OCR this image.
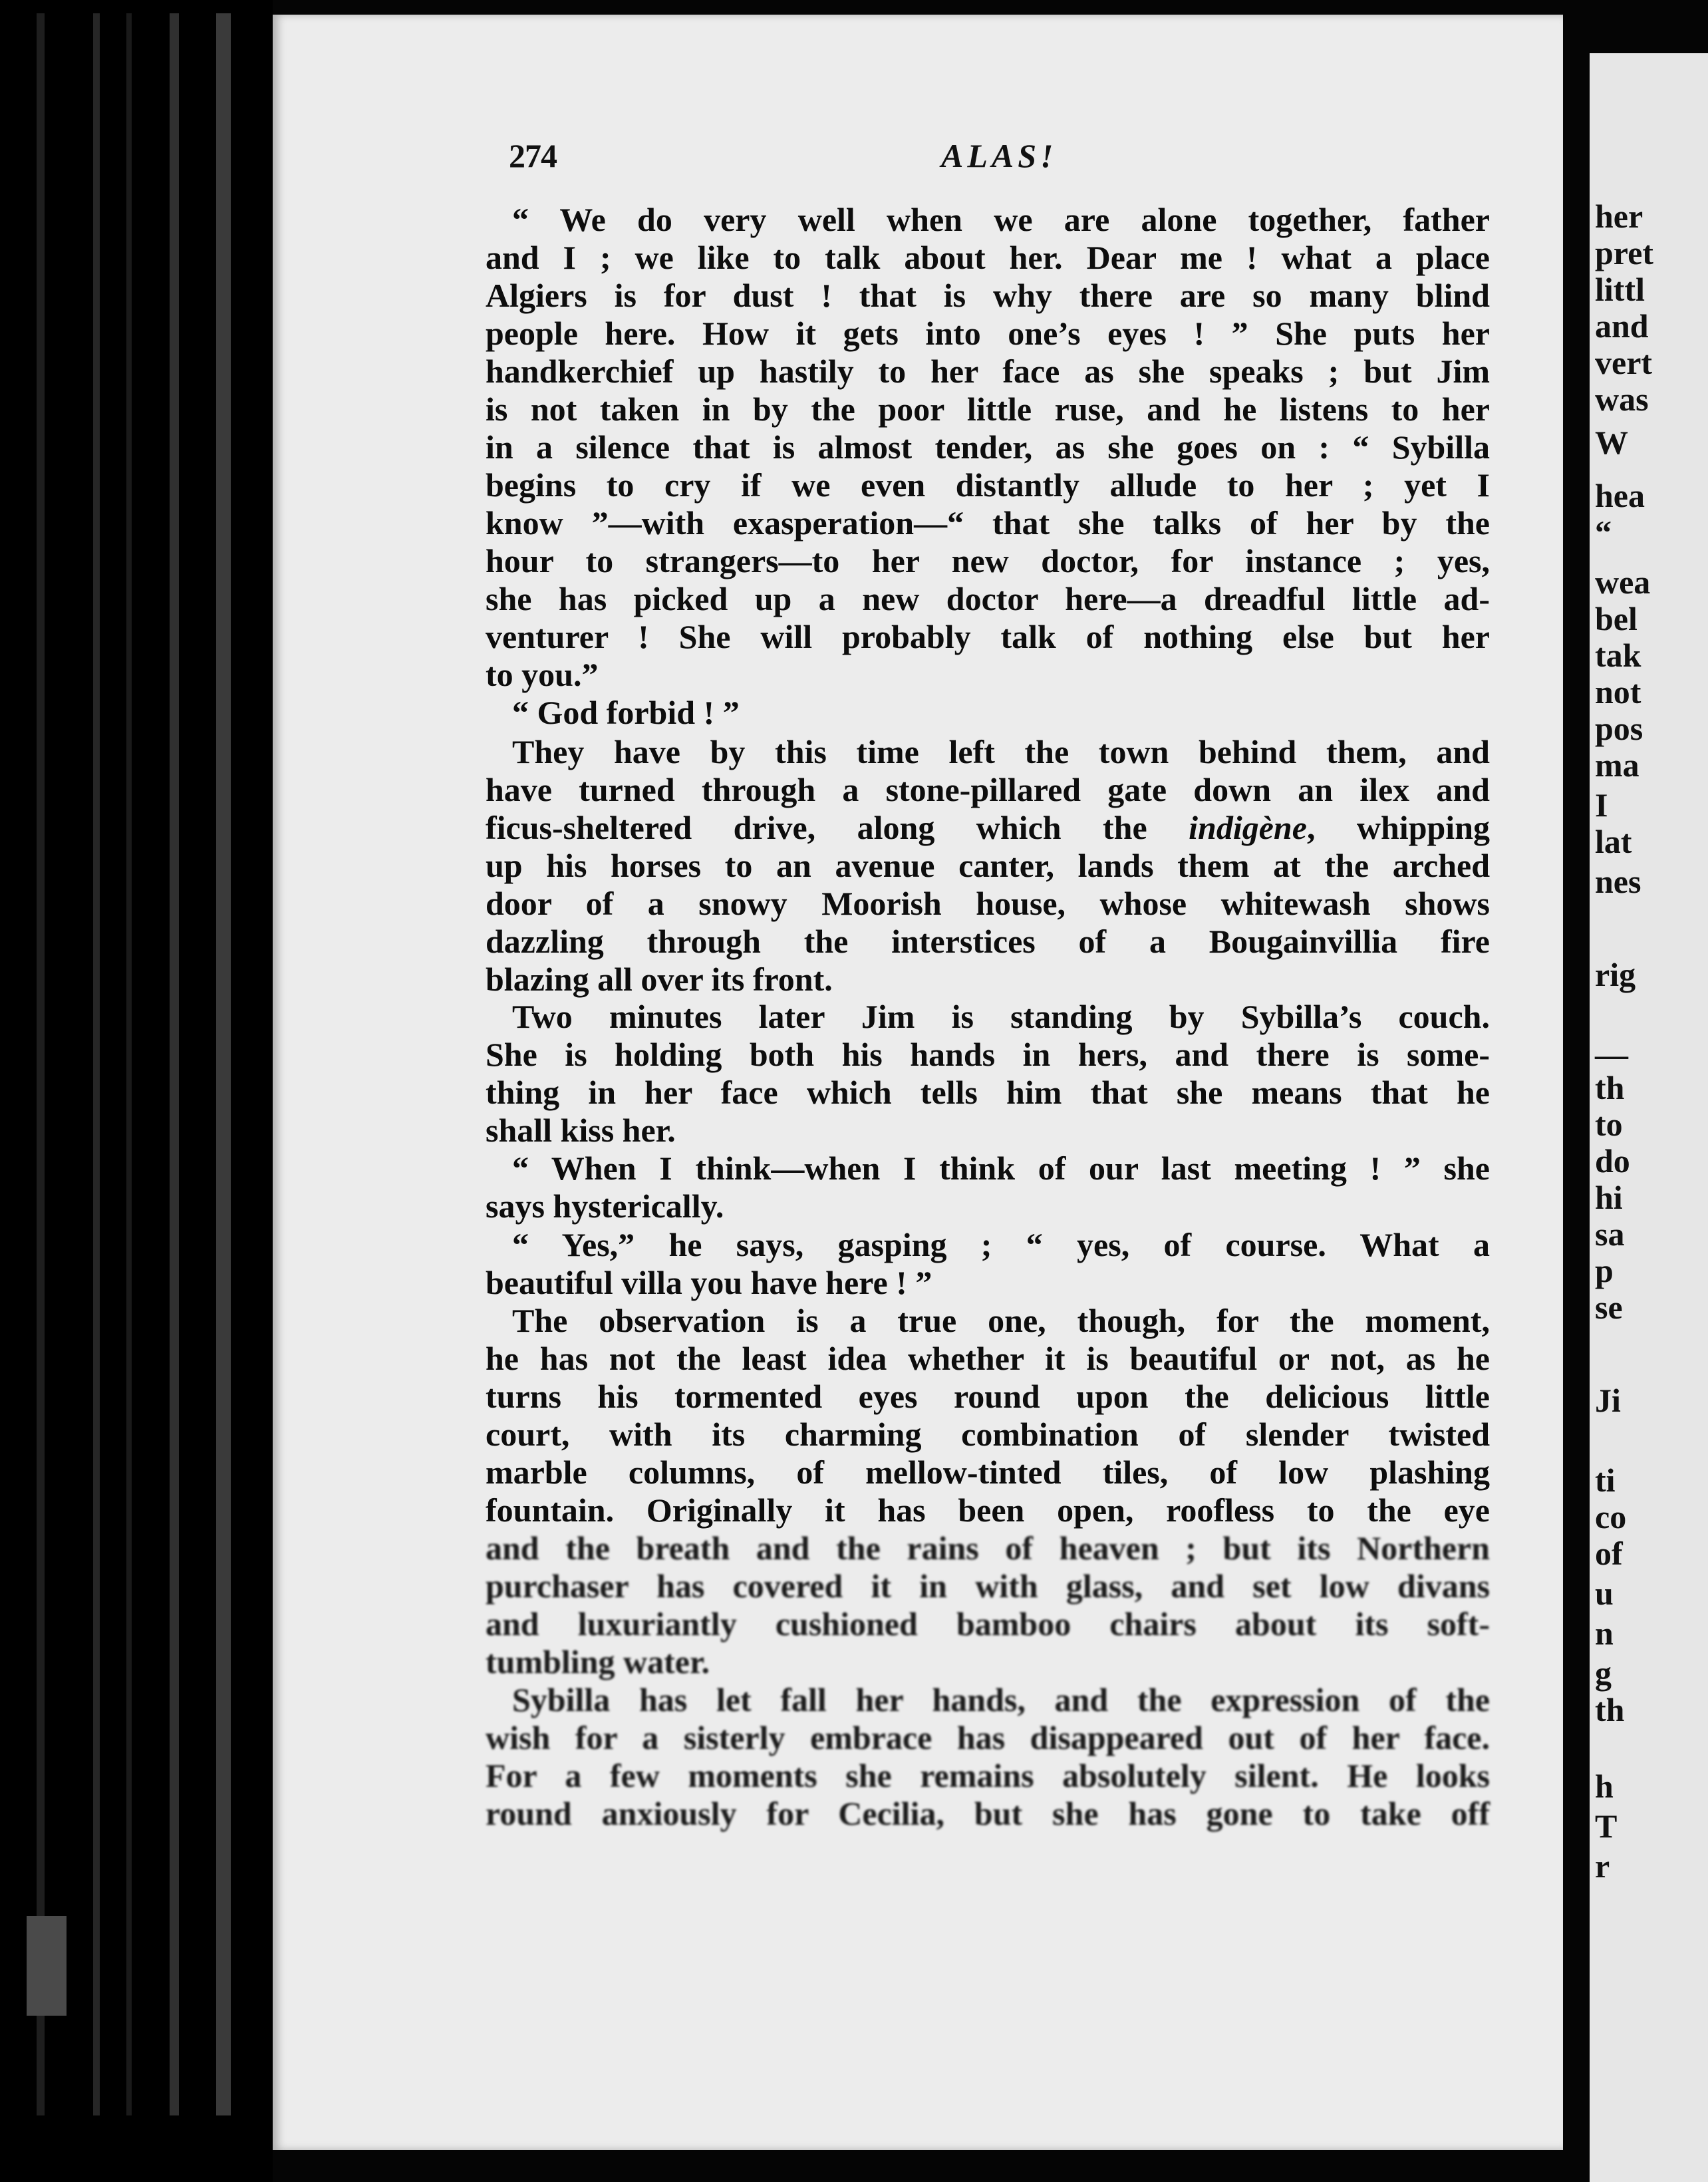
her
pret
littl
and
vert
was
W
hea
“
wea
bel
tak
not
pos
ma
I
lat
nes
rig
—
th
to
do
hi
sa
p
se
Ji
ti
co
of
u
n
g
th
h
T
r
274	ALAS!
“ We do very well when we are alone together, father
and I ; we like to talk about her. Dear me ! what a place
Algiers is for dust ! that is why there are so many blind
people here. How it gets into one’s eyes ! ” She puts her
handkerchief up hastily to her face as she speaks ; but Jim
is not taken in by the poor little ruse, and he listens to her
in a silence that is almost tender, as she goes on : “ Sybilla
begins to cry if we even distantly allude to her ; yet I
know ”—with exasperation—“ that she talks of her by the
hour to strangers—to her new doctor, for instance ; yes,
she has picked up a new doctor here—a dreadful little ad-
venturer ! She will probably talk of nothing else but her
to you.”
“ God forbid ! ”
They have by this time left the town behind them, and
have turned through a stone-pillared gate down an ilex and
ficus-sheltered drive, along which the indigène, whipping
up his horses to an avenue canter, lands them at the arched
door of a snowy Moorish house, whose whitewash shows
dazzling through the interstices of a Bougainvillia fire
blazing all over its front.
Two minutes later Jim is standing by Sybilla’s couch.
She is holding both his hands in hers, and there is some-
thing in her face which tells him that she means that he
shall kiss her.
“ When I think—when I think of our last meeting ! ” she
says hysterically.
“ Yes,” he says, gasping ; “ yes, of course. What a
beautiful villa you have here ! ”
The observation is a true one, though, for the moment,
he has not the least idea whether it is beautiful or not, as he
turns his tormented eyes round upon the delicious little
court, with its charming combination of slender twisted
marble columns, of mellow-tinted tiles, of low plashing
fountain. Originally it has been open, roofless to the eye
and the breath and the rains of heaven ; but its Northern
purchaser has covered it in with glass, and set low divans
and luxuriantly cushioned bamboo chairs about its soft-
tumbling water.
Sybilla has let fall her hands, and the expression of the
wish for a sisterly embrace has disappeared out of her face.
For a few moments she remains absolutely silent. He looks
round anxiously for Cecilia, but she has gone to take off
